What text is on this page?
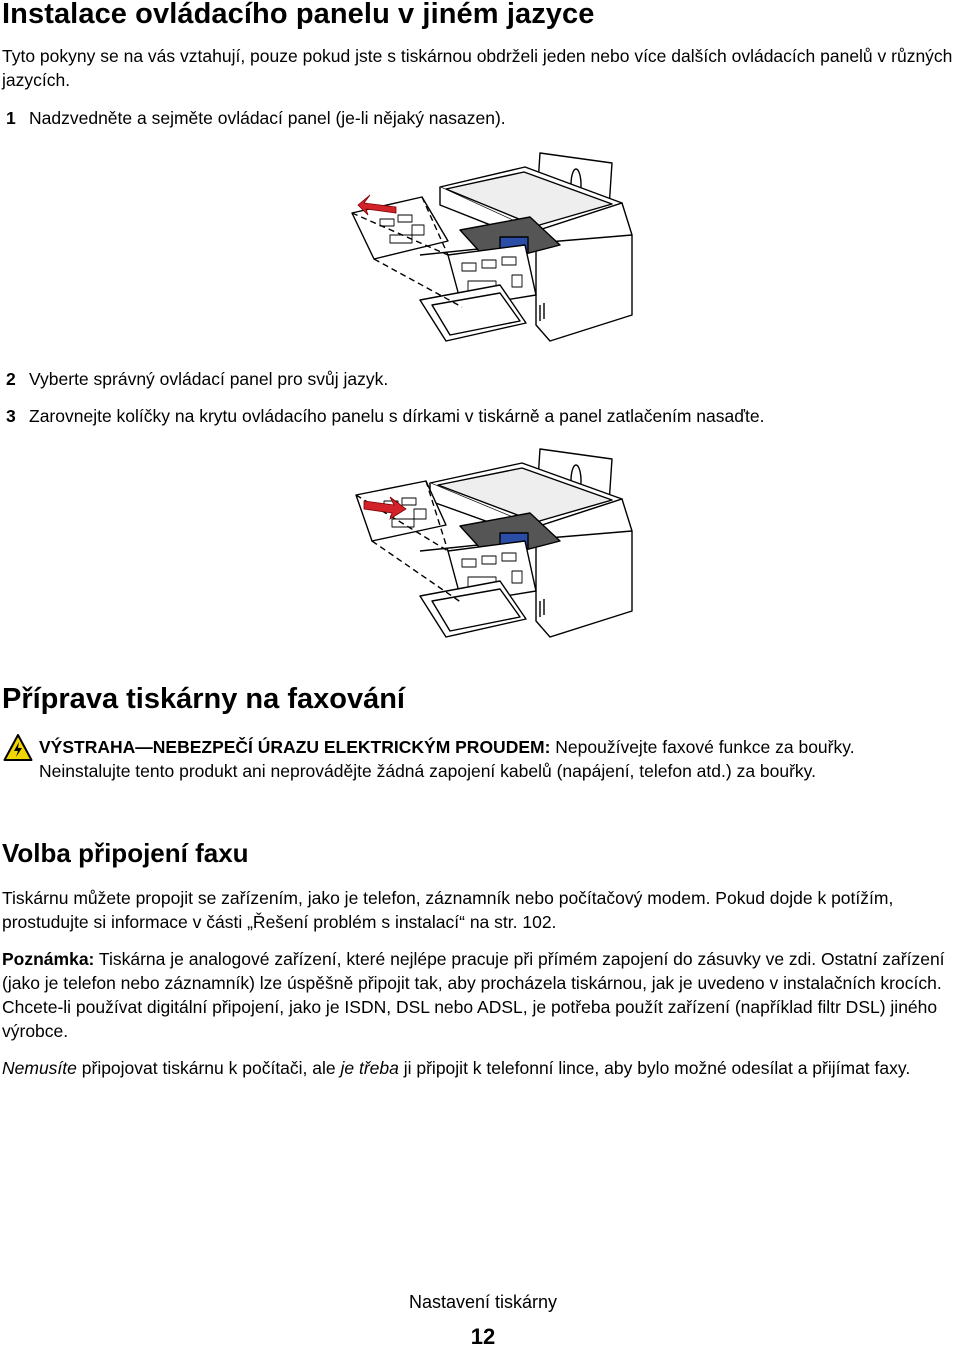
Instalace ovládacího panelu v jiném jazyce

Tyto pokyny se na vás vztahují, pouze pokud jste s tiskárnou obdrželi jeden nebo více dalších ovládacích panelů v různých jazycích.

1 Nadzvedněte a sejměte ovládací panel (je-li nějaký nasazen).

2 Vyberte správný ovládací panel pro svůj jazyk.

3 Zarovnejte kolíčky na krytu ovládacího panelu s dírkami v tiskárně a panel zatlačením nasaďte.

Příprava tiskárny na faxování

VÝSTRAHA—NEBEZPEČÍ ÚRAZU ELEKTRICKÝM PROUDEM: Nepoužívejte faxové funkce za bouřky. Neinstalujte tento produkt ani neprovádějte žádná zapojení kabelů (napájení, telefon atd.) za bouřky.

Volba připojení faxu

Tiskárnu můžete propojit se zařízením, jako je telefon, záznamník nebo počítačový modem. Pokud dojde k potížím, prostudujte si informace v části „Řešení problém s instalací“ na str. 102.

Poznámka: Tiskárna je analogové zařízení, které nejlépe pracuje při přímém zapojení do zásuvky ve zdi. Ostatní zařízení (jako je telefon nebo záznamník) lze úspěšně připojit tak, aby procházela tiskárnou, jak je uvedeno v instalačních krocích. Chcete-li používat digitální připojení, jako je ISDN, DSL nebo ADSL, je potřeba použít zařízení (například filtr DSL) jiného výrobce.

Nemusíte připojovat tiskárnu k počítači, ale je třeba ji připojit k telefonní lince, aby bylo možné odesílat a přijímat faxy.

Nastavení tiskárny
12
